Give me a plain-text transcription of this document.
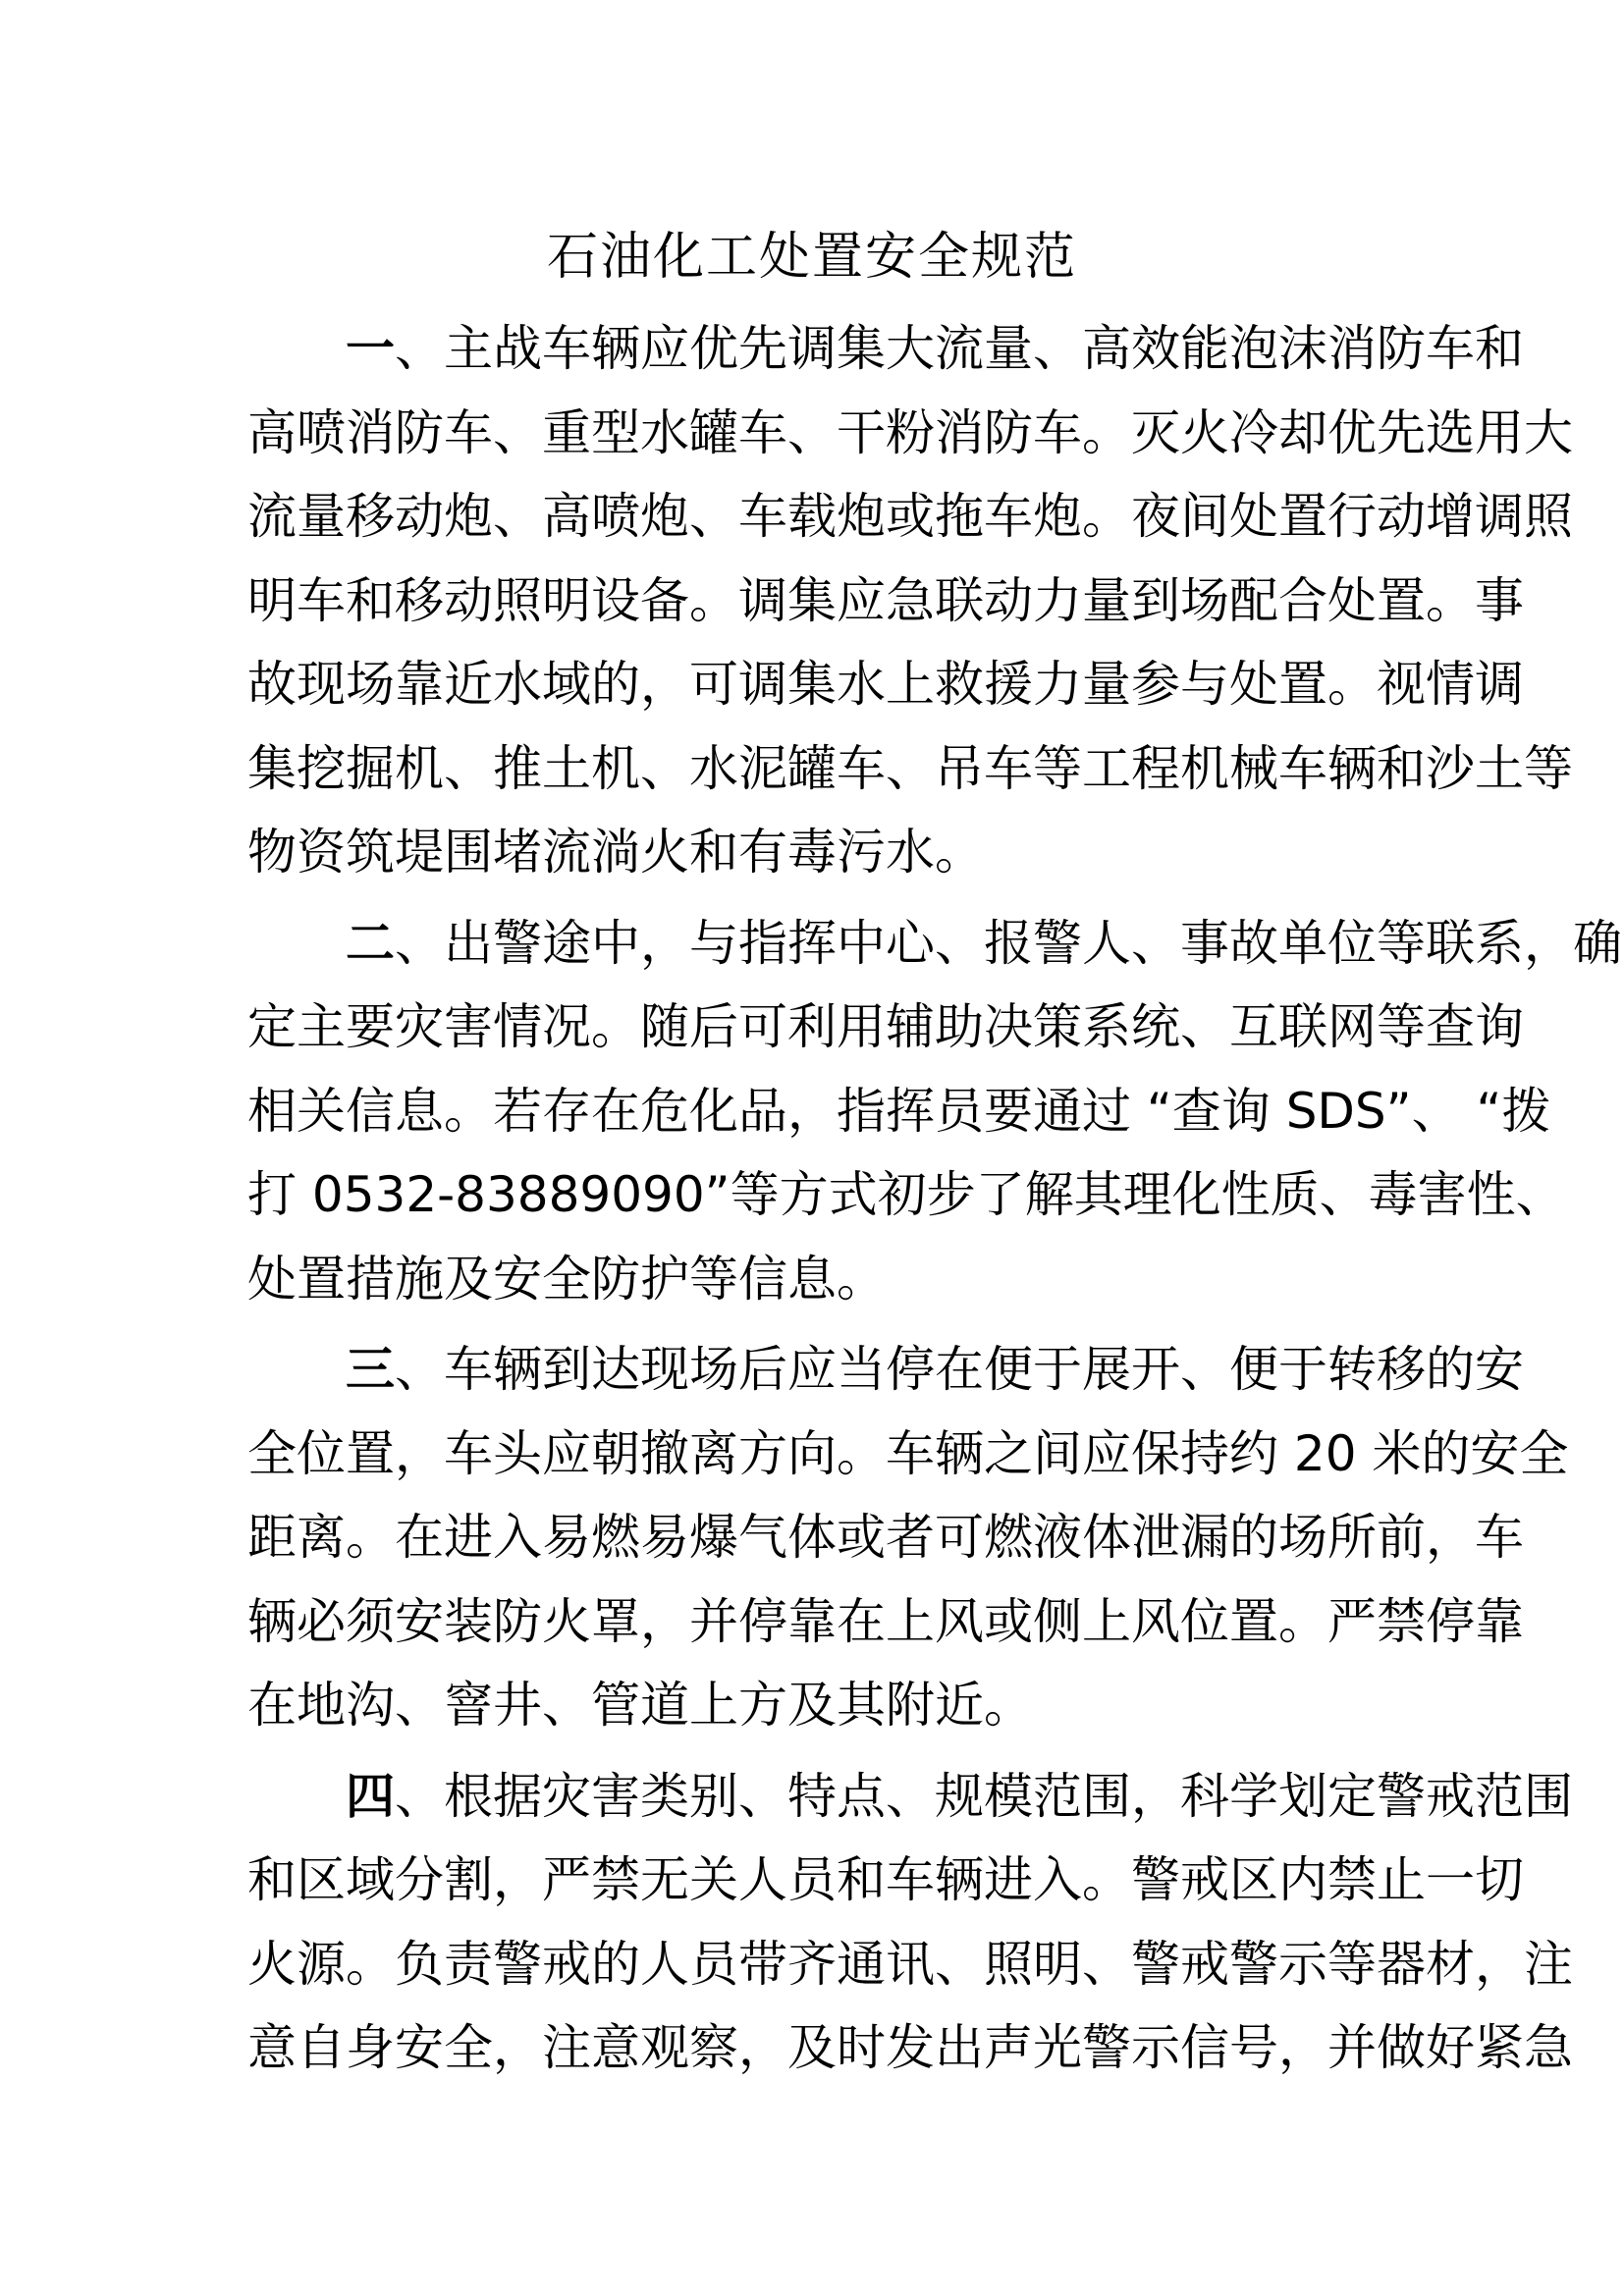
石油化工处置安全规范
一、主战车辆应优先调集大流量、高效能泡沫消防车和
高喷消防车、重型水罐车、干粉消防车。灭火冷却优先选用大
流量移动炮、高喷炮、车载炮或拖车炮。夜间处置行动增调照
明车和移动照明设备。调集应急联动力量到场配合处置。事
故现场靠近水域的，可调集水上救援力量参与处置。视情调
集挖掘机、推土机、水泥罐车、吊车等工程机械车辆和沙土等
物资筑堤围堵流淌火和有毒污水。
二、出警途中，与指挥中心、报警人、事故单位等联系，确
定主要灾害情况。随后可利用辅助决策系统、互联网等查询
相关信息。若存在危化品，指挥员要通过 “查询 SDS”、 “拨
打 0532-83889090”等方式初步了解其理化性质、毒害性、
处置措施及安全防护等信息。
三、车辆到达现场后应当停在便于展开、便于转移的安
全位置，车头应朝撤离方向。车辆之间应保持约 20 米的安全
距离。在进入易燃易爆气体或者可燃液体泄漏的场所前，车
辆必须安装防火罩，并停靠在上风或侧上风位置。严禁停靠
在地沟、窨井、管道上方及其附近。
四、根据灾害类别、特点、规模范围，科学划定警戒范围
和区域分割，严禁无关人员和车辆进入。警戒区内禁止一切
火源。负责警戒的人员带齐通讯、照明、警戒警示等器材，注
意自身安全，注意观察，及时发出声光警示信号，并做好紧急
